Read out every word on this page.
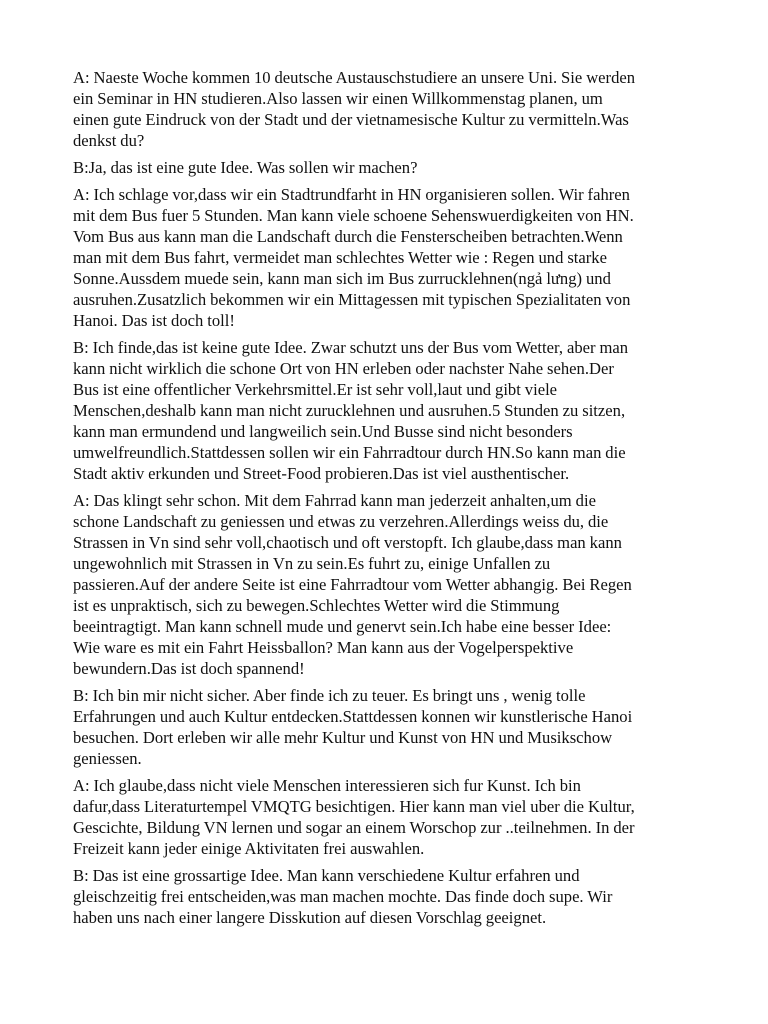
A: Naeste Woche kommen 10 deutsche Austauschstudiere an unsere Uni. Sie werden
ein Seminar in HN studieren.Also lassen wir einen Willkommenstag planen, um
einen gute Eindruck von der Stadt und der vietnamesische Kultur zu vermitteln.Was
denkst du?

B:Ja, das ist eine gute Idee. Was sollen wir machen?

A: Ich schlage vor,dass wir ein Stadtrundfarht in HN organisieren sollen. Wir fahren
mit dem Bus fuer 5 Stunden. Man kann viele schoene Sehenswuerdigkeiten von HN.
Vom Bus aus kann man die Landschaft durch die Fensterscheiben betrachten.Wenn
man mit dem Bus fahrt, vermeidet man schlechtes Wetter wie : Regen und starke
Sonne.Aussdem muede sein, kann man sich im Bus zurrucklehnen(ngả lưng) und
ausruhen.Zusatzlich bekommen wir ein Mittagessen mit typischen Spezialitaten von
Hanoi. Das ist doch toll!

B: Ich finde,das ist keine gute Idee. Zwar schutzt uns der Bus vom Wetter, aber man
kann nicht wirklich die schone Ort von HN erleben oder nachster Nahe sehen.Der
Bus ist eine offentlicher Verkehrsmittel.Er ist sehr voll,laut und gibt viele
Menschen,deshalb kann man nicht zurucklehnen und ausruhen.5 Stunden zu sitzen,
kann man ermundend und langweilich sein.Und Busse sind nicht besonders
umwelfreundlich.Stattdessen sollen wir ein Fahrradtour durch HN.So kann man die
Stadt aktiv erkunden und Street-Food probieren.Das ist viel austhentischer.

A: Das klingt sehr schon. Mit dem Fahrrad kann man jederzeit anhalten,um die
schone Landschaft zu geniessen und etwas zu verzehren.Allerdings weiss du, die
Strassen in Vn sind sehr voll,chaotisch und oft verstopft. Ich glaube,dass man kann
ungewohnlich mit Strassen in Vn zu sein.Es fuhrt zu, einige Unfallen zu
passieren.Auf der andere Seite ist eine Fahrradtour vom Wetter abhangig. Bei Regen
ist es unpraktisch, sich zu bewegen.Schlechtes Wetter wird die Stimmung
beeintragtigt. Man kann schnell mude und genervt sein.Ich habe eine besser Idee:
Wie ware es mit ein Fahrt Heissballon? Man kann aus der Vogelperspektive
bewundern.Das ist doch spannend!

B: Ich bin mir nicht sicher. Aber finde ich zu teuer. Es bringt uns , wenig tolle
Erfahrungen und auch Kultur entdecken.Stattdessen konnen wir kunstlerische Hanoi
besuchen. Dort erleben wir alle mehr Kultur und Kunst von HN und Musikschow
geniessen.

A: Ich glaube,dass nicht viele Menschen interessieren sich fur Kunst. Ich bin
dafur,dass Literaturtempel VMQTG besichtigen. Hier kann man viel uber die Kultur,
Gescichte, Bildung VN lernen und sogar an einem Worschop zur ..teilnehmen. In der
Freizeit kann jeder einige Aktivitaten frei auswahlen.

B: Das ist eine grossartige Idee. Man kann verschiedene Kultur erfahren und
gleischzeitig frei entscheiden,was man machen mochte. Das finde doch supe. Wir
haben uns nach einer langere Disskution auf diesen Vorschlag geeignet.
